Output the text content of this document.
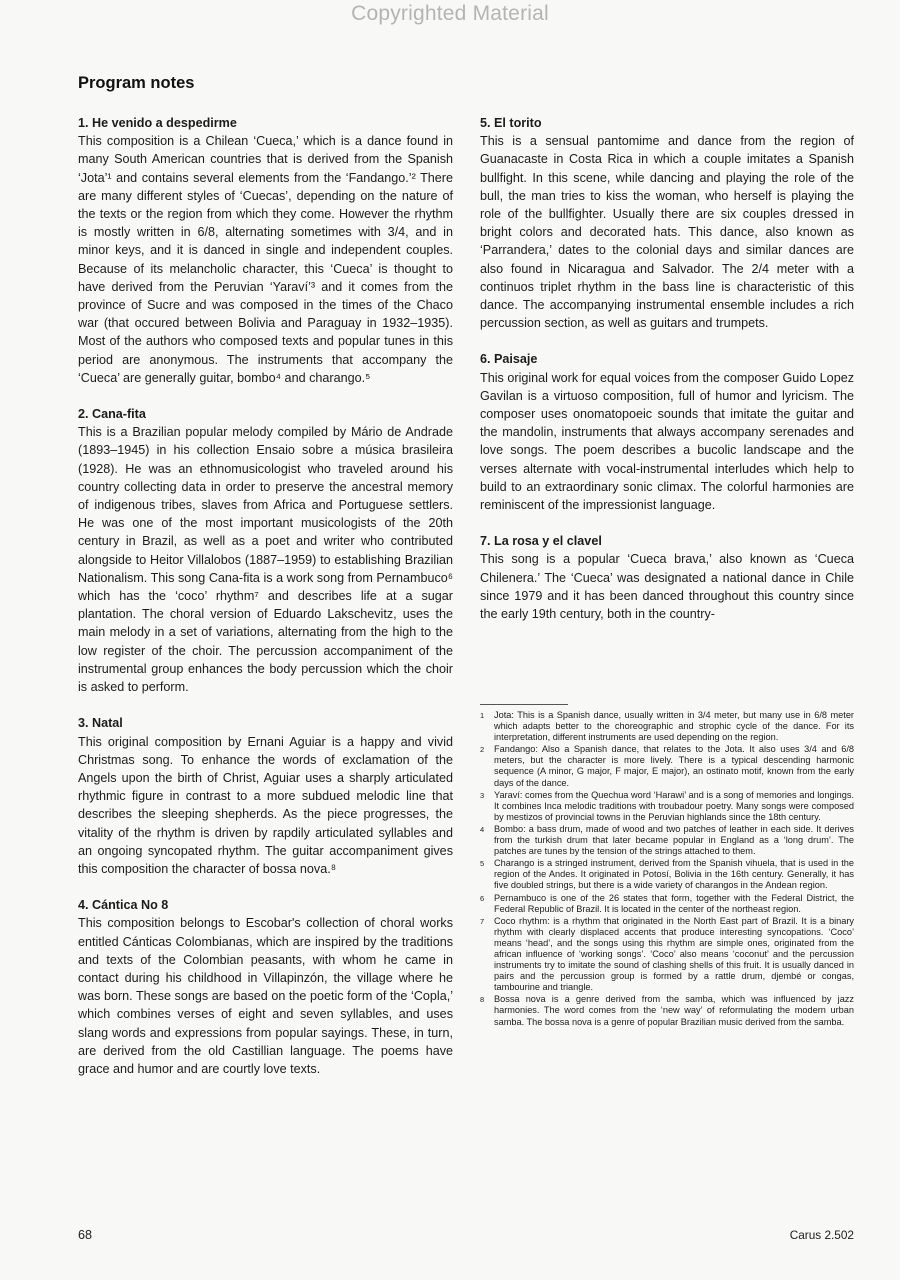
Copyrighted Material
Program notes
1. He venido a despedirme

This composition is a Chilean ‘Cueca,’ which is a dance found in many South American countries that is derived from the Spanish ‘Jota’¹ and contains several elements from the ‘Fandango.’² There are many different styles of ‘Cuecas’, depending on the nature of the texts or the region from which they come. However the rhythm is mostly written in 6/8, alternating sometimes with 3/4, and in minor keys, and it is danced in single and independent couples. Because of its melancholic character, this ‘Cueca’ is thought to have derived from the Peruvian ‘Yaraví’³ and it comes from the province of Sucre and was composed in the times of the Chaco war (that occured between Bolivia and Paraguay in 1932–1935). Most of the authors who composed texts and popular tunes in this period are anonymous. The instruments that accompany the ‘Cueca’ are generally guitar, bombo⁴ and charango.⁵

2. Cana-fita

This is a Brazilian popular melody compiled by Mário de Andrade (1893–1945) in his collection Ensaio sobre a música brasileira (1928). He was an ethnomusicologist who traveled around his country collecting data in order to preserve the ancestral memory of indigenous tribes, slaves from Africa and Portuguese settlers. He was one of the most important musicologists of the 20th century in Brazil, as well as a poet and writer who contributed alongside to Heitor Villalobos (1887–1959) to establishing Brazilian Nationalism. This song Cana-fita is a work song from Pernambuco⁶ which has the ‘coco’ rhythm⁷ and describes life at a sugar plantation. The choral version of Eduardo Lakschevitz, uses the main melody in a set of variations, alternating from the high to the low register of the choir. The percussion accompaniment of the instrumental group enhances the body percussion which the choir is asked to perform.

3. Natal

This original composition by Ernani Aguiar is a happy and vivid Christmas song. To enhance the words of exclamation of the Angels upon the birth of Christ, Aguiar uses a sharply articulated rhythmic figure in contrast to a more subdued melodic line that describes the sleeping shepherds. As the piece progresses, the vitality of the rhythm is driven by rapdily articulated syllables and an ongoing syncopated rhythm. The guitar accompaniment gives this composition the character of bossa nova.⁸

4. Cántica No 8

This composition belongs to Escobar's collection of choral works entitled Cánticas Colombianas, which are inspired by the traditions and texts of the Colombian peasants, with whom he came in contact during his childhood in Villapinzón, the village where he was born. These songs are based on the poetic form of the ‘Copla,’ which combines verses of eight and seven syllables, and uses slang words and expressions from popular sayings. These, in turn, are derived from the old Castillian language. The poems have grace and humor and are courtly love texts.

5. El torito

This is a sensual pantomime and dance from the region of Guanacaste in Costa Rica in which a couple imitates a Spanish bullfight. In this scene, while dancing and playing the role of the bull, the man tries to kiss the woman, who herself is playing the role of the bullfighter. Usually there are six couples dressed in bright colors and decorated hats. This dance, also known as ‘Parrandera,’ dates to the colonial days and similar dances are also found in Nicaragua and Salvador. The 2/4 meter with a continuos triplet rhythm in the bass line is characteristic of this dance. The accompanying instrumental ensemble includes a rich percussion section, as well as guitars and trumpets.

6. Paisaje

This original work for equal voices from the composer Guido Lopez Gavilan is a virtuoso composition, full of humor and lyricism. The composer uses onomatopoeic sounds that imitate the guitar and the mandolin, instruments that always accompany serenades and love songs. The poem describes a bucolic landscape and the verses alternate with vocal-instrumental interludes which help to build to an extraordinary sonic climax. The colorful harmonies are reminiscent of the impressionist language.

7. La rosa y el clavel

This song is a popular ‘Cueca brava,’ also known as ‘Cueca Chilenera.’ The ‘Cueca’ was designated a national dance in Chile since 1979 and it has been danced throughout this country since the early 19th century, both in the country-

1 Jota: This is a Spanish dance, usually written in 3/4 meter, but many use in 6/8 meter which adapts better to the choreographic and strophic cycle of the dance. For its interpretation, different instruments are used depending on the region.

2 Fandango: Also a Spanish dance, that relates to the Jota. It also uses 3/4 and 6/8 meters, but the character is more lively. There is a typical descending harmonic sequence (A minor, G major, F major, E major), an ostinato motif, known from the early days of the dance.

3 Yaraví: comes from the Quechua word ‘Harawi’ and is a song of memories and longings. It combines Inca melodic traditions with troubadour poetry. Many songs were composed by mestizos of provincial towns in the Peruvian highlands since the 18th century.

4 Bombo: a bass drum, made of wood and two patches of leather in each side. It derives from the turkish drum that later became popular in England as a ‘long drum’. The patches are tunes by the tension of the strings attached to them.

5 Charango is a stringed instrument, derived from the Spanish vihuela, that is used in the region of the Andes. It originated in Potosí, Bolivia in the 16th century. Generally, it has five doubled strings, but there is a wide variety of charangos in the Andean region.

6 Pernambuco is one of the 26 states that form, together with the Federal District, the Federal Republic of Brazil. It is located in the center of the northeast region.

7 Coco rhythm: is a rhythm that originated in the North East part of Brazil. It is a binary rhythm with clearly displaced accents that produce interesting syncopations. ‘Coco’ means ‘head’, and the songs using this rhythm are simple ones, originated from the african influence of ‘working songs’. ‘Coco’ also means ‘coconut’ and the percussion instruments try to imitate the sound of clashing shells of this fruit. It is usually danced in pairs and the percussion group is formed by a rattle drum, djembé or congas, tambourine and triangle.

8 Bossa nova is a genre derived from the samba, which was influenced by jazz harmonies. The word comes from the ‘new way’ of reformulating the modern urban samba. The bossa nova is a genre of popular Brazilian music derived from the samba.

68	Carus 2.502
